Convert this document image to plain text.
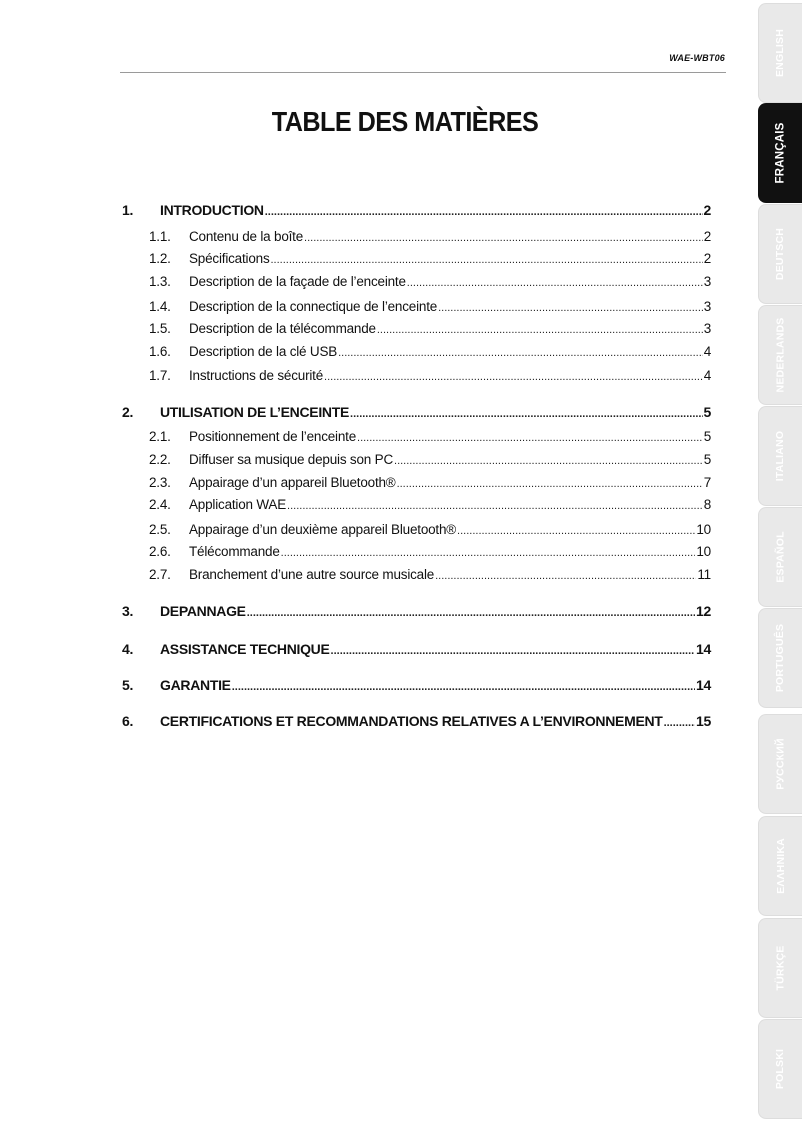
WAE-WBT06
TABLE DES MATIÈRES
1.	INTRODUCTION .....	2
1.1.	Contenu de la boîte .....	2
1.2.	Spécifications .....	2
1.3.	Description de la façade de l’enceinte .....	3
1.4.	Description de la connectique de l’enceinte .....	3
1.5.	Description de la télécommande .....	3
1.6.	Description de la clé USB .....	4
1.7.	Instructions de sécurité .....	4
2.	UTILISATION DE L’ENCEINTE .....	5
2.1.	Positionnement de l’enceinte .....	5
2.2.	Diffuser sa musique depuis son PC .....	5
2.3.	Appairage d’un appareil Bluetooth® .....	7
2.4.	Application WAE .....	8
2.5.	Appairage d’un deuxième appareil Bluetooth® .....	10
2.6.	Télécommande .....	10
2.7.	Branchement d’une autre source musicale .....	11
3.	DEPANNAGE .....	12
4.	ASSISTANCE TECHNIQUE .....	14
5.	GARANTIE .....	14
6.	CERTIFICATIONS ET RECOMMANDATIONS RELATIVES A L’ENVIRONNEMENT ..... 15
ENGLISH
FRANÇAIS
DEUTSCH
NEDERLANDS
ITALIANO
ESPAÑOL
PORTUGUÊS
РУССКИЙ
ΕΛΛΗΝΙΚΑ
TÜRKÇE
POLSKI
